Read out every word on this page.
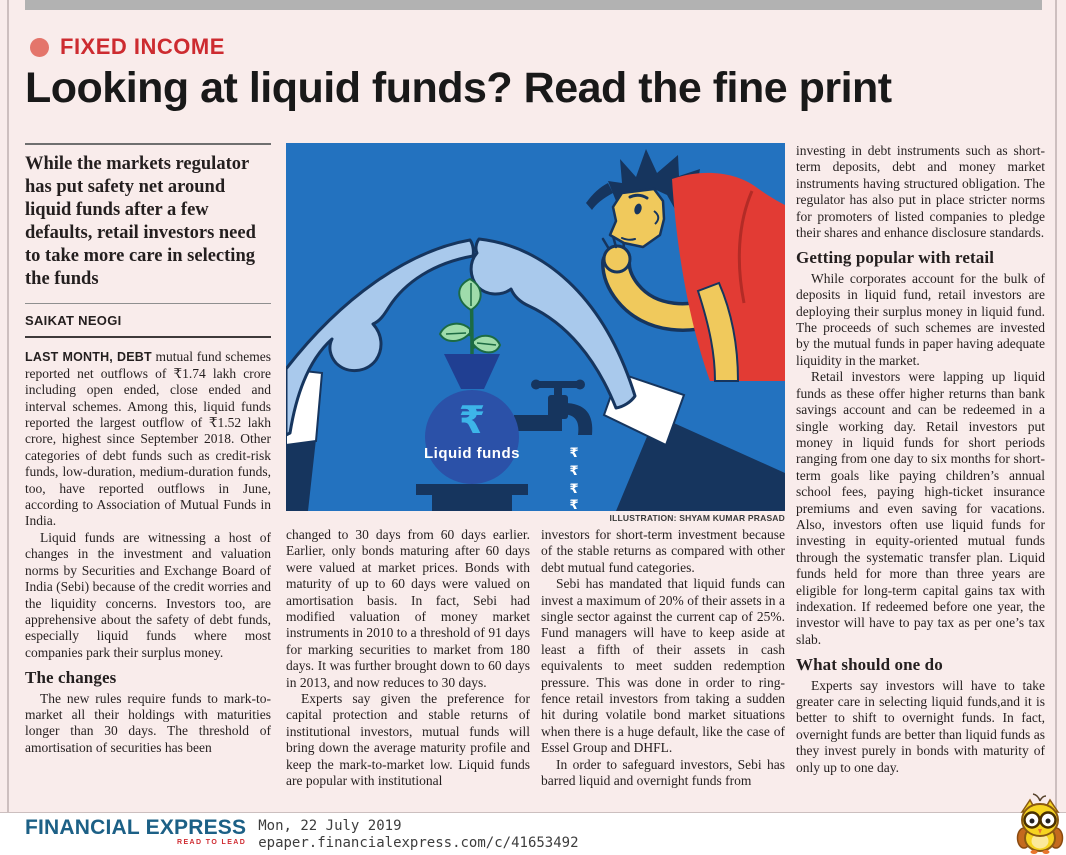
FIXED INCOME
Looking at liquid funds? Read the fine print
While the markets regulator has put safety net around liquid funds after a few defaults, retail investors need to take more care in selecting the funds
SAIKAT NEOGI

LAST MONTH, DEBT mutual fund schemes reported net outflows of ₹1.74 lakh crore including open ended, close ended and interval schemes. Among this, liquid funds reported the largest outflow of ₹1.52 lakh crore, highest since September 2018. Other categories of debt funds such as credit-risk funds, low-duration, medium-duration funds, too, have reported outflows in June, according to Association of Mutual Funds in India.

Liquid funds are witnessing a host of changes in the investment and valuation norms by Securities and Exchange Board of India (Sebi) because of the credit worries and the liquidity concerns. Investors too, are apprehensive about the safety of debt funds, especially liquid funds where most companies park their surplus money.

The changes

The new rules require funds to mark-to-market all their holdings with maturities longer than 30 days. The threshold of amortisation of securities has been

₹
₹
₹
₹
₹
Liquid funds
ILLUSTRATION: SHYAM KUMAR PRASAD

changed to 30 days from 60 days earlier. Earlier, only bonds maturing after 60 days were valued at market prices. Bonds with maturity of up to 60 days were valued on amortisation basis. In fact, Sebi had modified valuation of money market instruments in 2010 to a threshold of 91 days for marking securities to market from 180 days. It was further brought down to 60 days in 2013, and now reduces to 30 days.

Experts say given the preference for capital protection and stable returns of institutional investors, mutual funds will bring down the average maturity profile and keep the mark-to-market low. Liquid funds are popular with institutional

investors for short-term investment because of the stable returns as compared with other debt mutual fund categories.

Sebi has mandated that liquid funds can invest a maximum of 20% of their assets in a single sector against the current cap of 25%. Fund managers will have to keep aside at least a fifth of their assets in cash equivalents to meet sudden redemption pressure. This was done in order to ring-fence retail investors from taking a sudden hit during volatile bond market situations when there is a huge default, like the case of Essel Group and DHFL.

In order to safeguard investors, Sebi has barred liquid and overnight funds from

investing in debt instruments such as short-term deposits, debt and money market instruments having structured obligation. The regulator has also put in place stricter norms for promoters of listed companies to pledge their shares and enhance disclosure standards.

Getting popular with retail

While corporates account for the bulk of deposits in liquid fund, retail investors are deploying their surplus money in liquid fund. The proceeds of such schemes are invested by the mutual funds in paper having adequate liquidity in the market.

Retail investors were lapping up liquid funds as these offer higher returns than bank savings account and can be redeemed in a single working day. Retail investors put money in liquid funds for short periods ranging from one day to six months for short-term goals like paying children’s annual school fees, paying high-ticket insurance premiums and even saving for vacations. Also, investors often use liquid funds for investing in equity-oriented mutual funds through the systematic transfer plan. Liquid funds held for more than three years are eligible for long-term capital gains tax with indexation. If redeemed before one year, the investor will have to pay tax as per one’s tax slab.

What should one do

Experts say investors will have to take greater care in selecting liquid funds,and it is better to shift to overnight funds. In fact, overnight funds are better than liquid funds as they invest purely in bonds with maturity of only up to one day.

FINANCIAL EXPRESS
READ TO LEAD
Mon, 22 July 2019
epaper.financialexpress.com/c/41653492
